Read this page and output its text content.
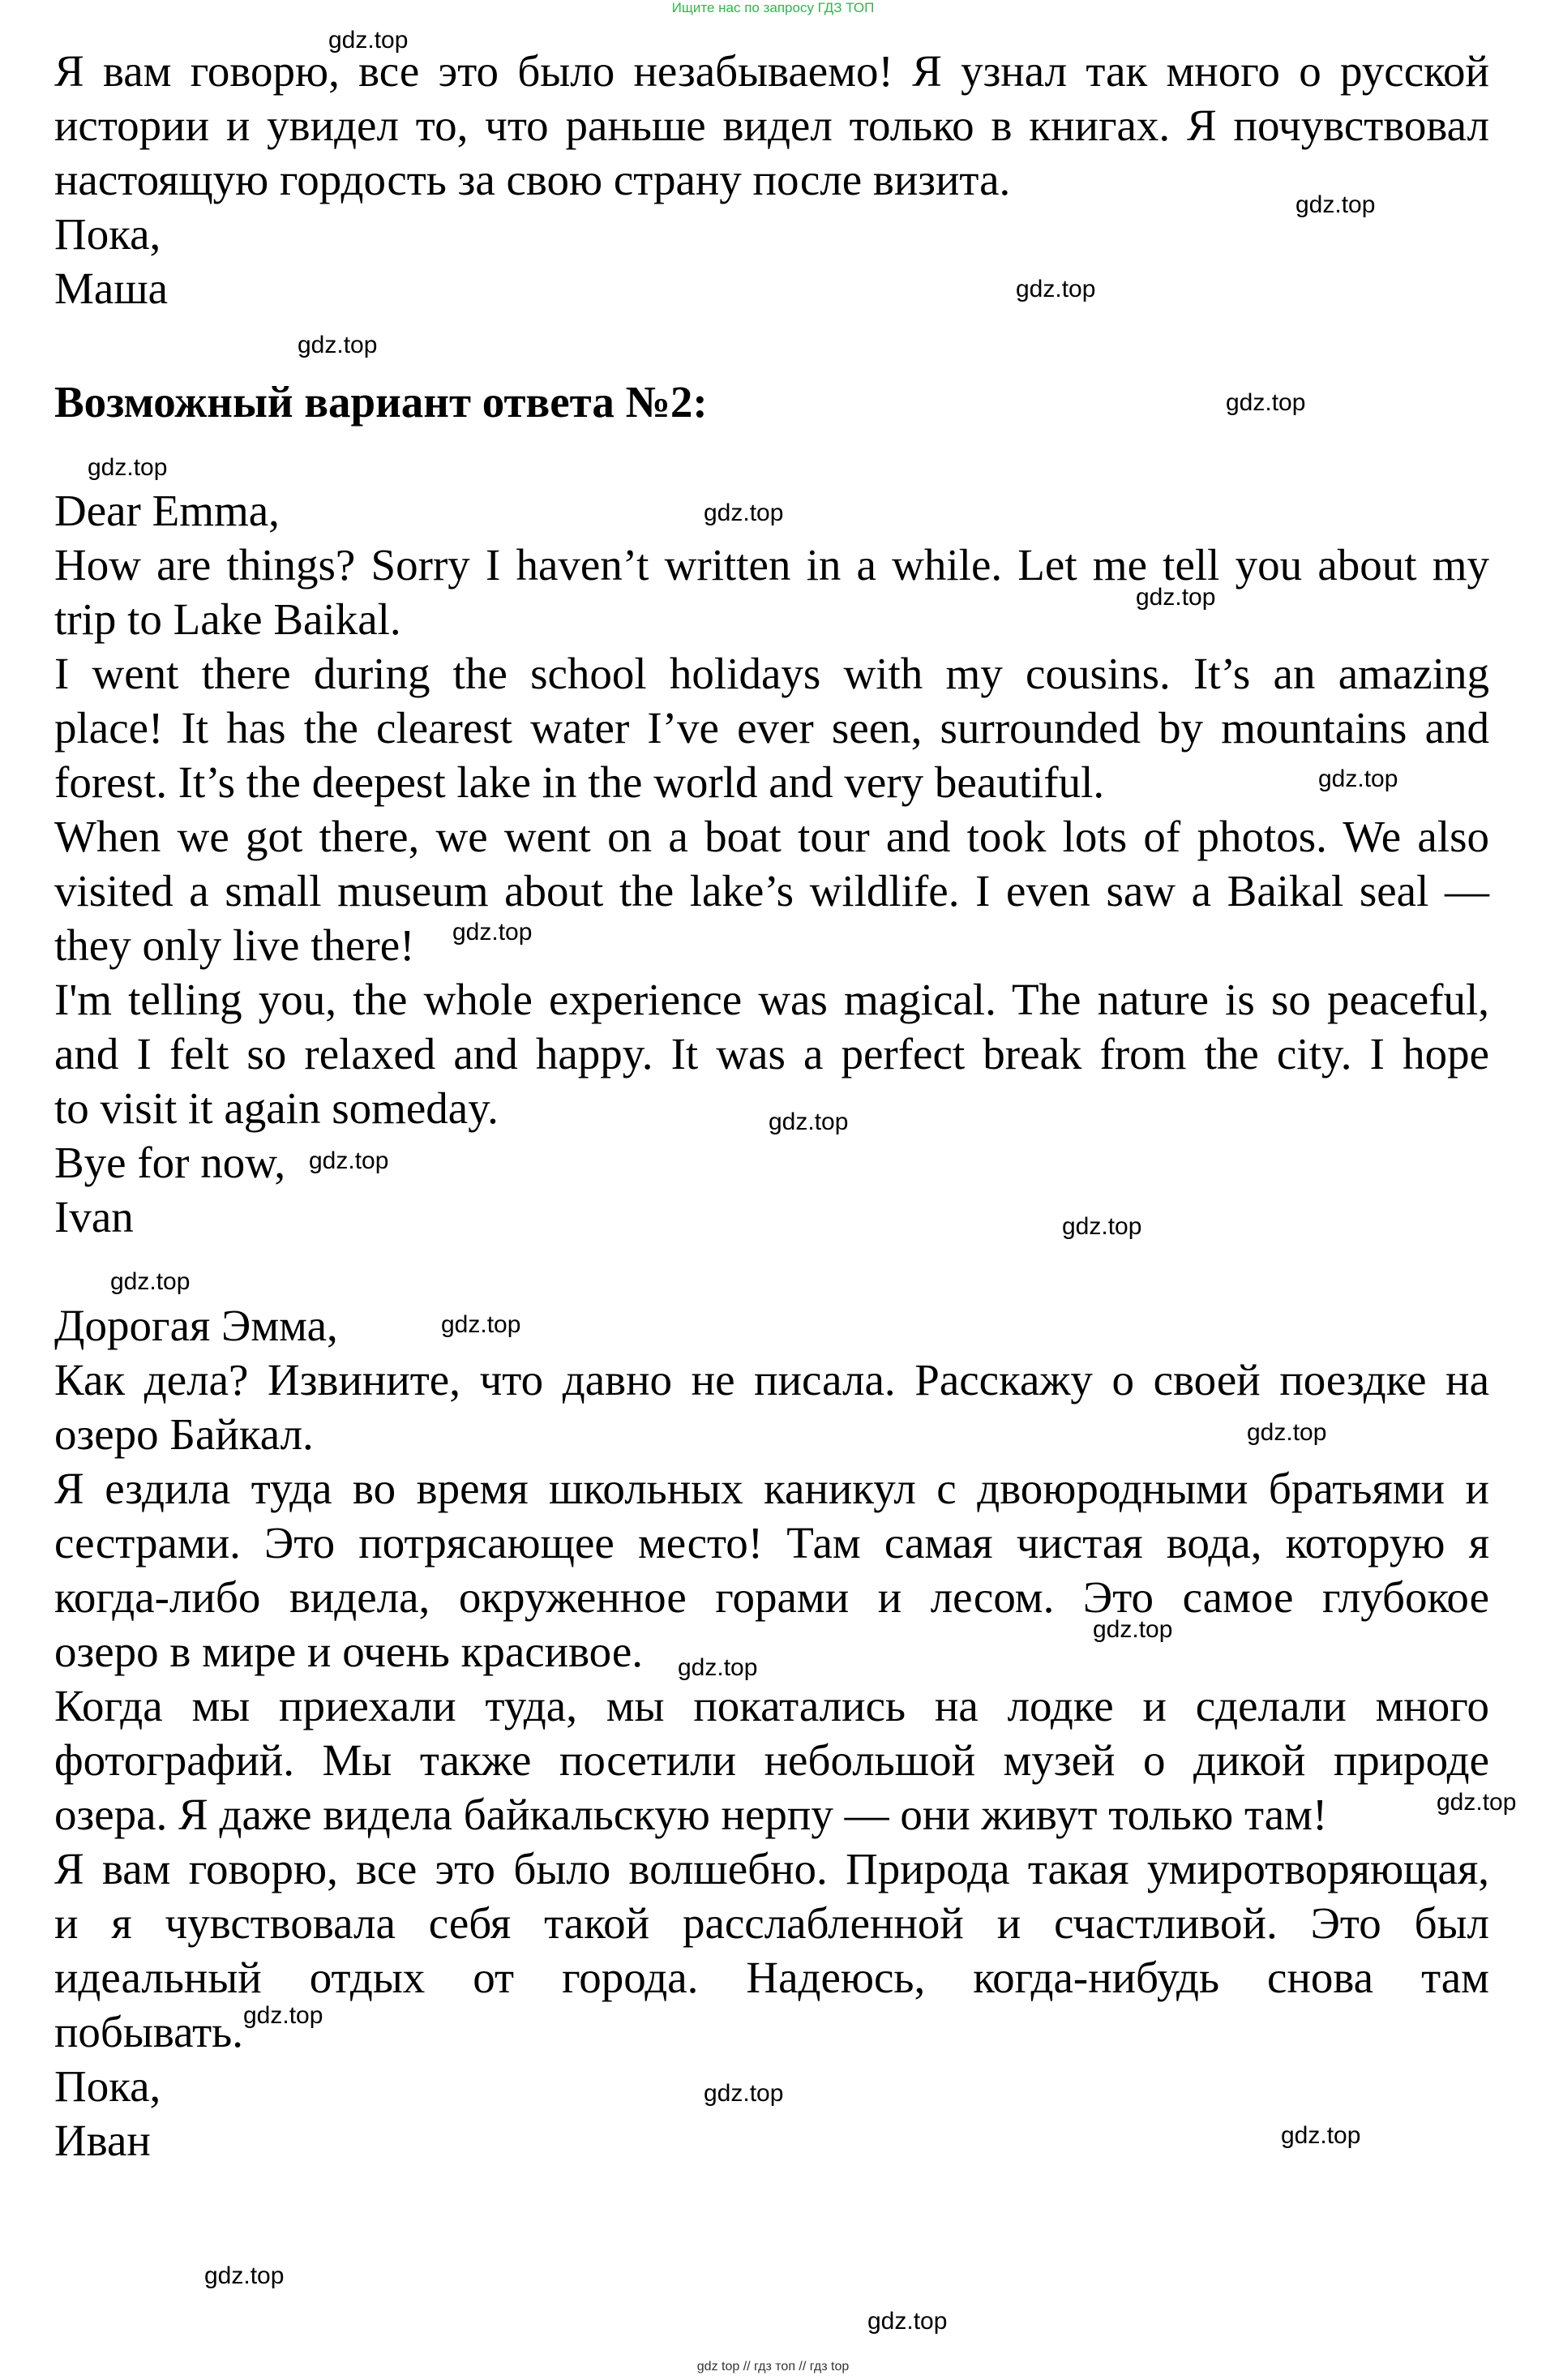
Ищите нас по запросу ГДЗ ТОП
Я вам говорю, все это было незабываемо! Я узнал так много о русской
истории и увидел то, что раньше видел только в книгах. Я почувствовал
настоящую гордость за свою страну после визита.
Пока,
Маша
Возможный вариант ответа №2:
Dear Emma,
How are things? Sorry I haven’t written in a while. Let me tell you about my
trip to Lake Baikal.
I went there during the school holidays with my cousins. It’s an amazing
place! It has the clearest water I’ve ever seen, surrounded by mountains and
forest. It’s the deepest lake in the world and very beautiful.
When we got there, we went on a boat tour and took lots of photos. We also
visited a small museum about the lake’s wildlife. I even saw a Baikal seal —
they only live there!
I'm telling you, the whole experience was magical. The nature is so peaceful,
and I felt so relaxed and happy. It was a perfect break from the city. I hope
to visit it again someday.
Bye for now,
Ivan
Дорогая Эмма,
Как дела? Извините, что давно не писала. Расскажу о своей поездке на
озеро Байкал.
Я ездила туда во время школьных каникул с двоюродными братьями и
сестрами. Это потрясающее место! Там самая чистая вода, которую я
когда-либо видела, окруженное горами и лесом. Это самое глубокое
озеро в мире и очень красивое.
Когда мы приехали туда, мы покатались на лодке и сделали много
фотографий. Мы также посетили небольшой музей о дикой природе
озера. Я даже видела байкальскую нерпу — они живут только там!
Я вам говорю, все это было волшебно. Природа такая умиротворяющая,
и я чувствовала себя такой расслабленной и счастливой. Это был
идеальный отдых от города. Надеюсь, когда-нибудь снова там
побывать.
Пока,
Иван
gdz.top
gdz.top
gdz.top
gdz.top
gdz.top
gdz.top
gdz.top
gdz.top
gdz.top
gdz.top
gdz.top
gdz.top
gdz.top
gdz.top
gdz.top
gdz.top
gdz.top
gdz.top
gdz.top
gdz.top
gdz.top
gdz.top
gdz.top
gdz.top
gdz top // гдз топ // гдз top
